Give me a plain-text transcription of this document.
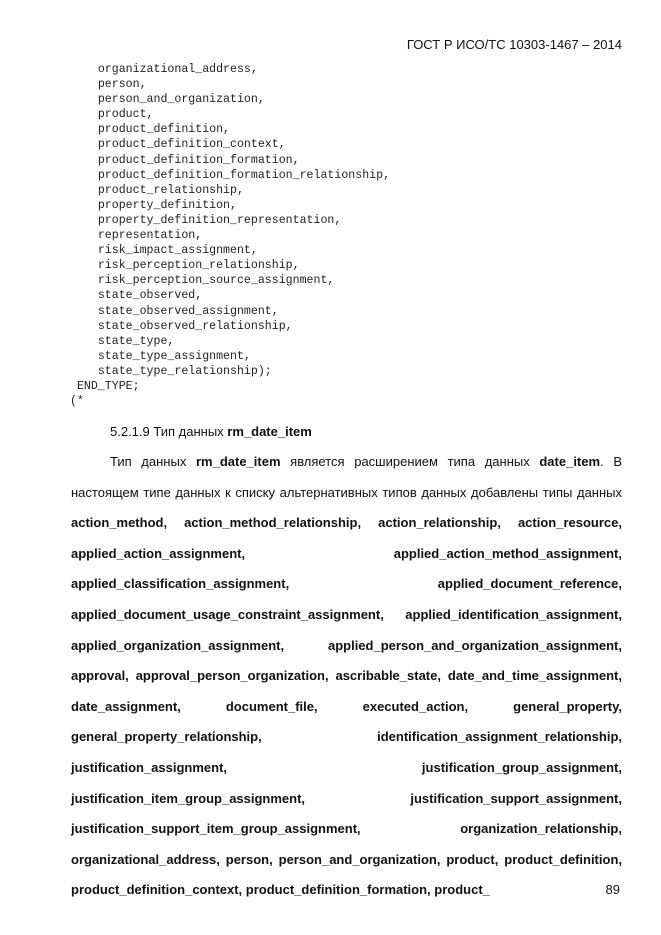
ГОСТ Р ИСО/ТС 10303-1467 – 2014
organizational_address,
person,
person_and_organization,
product,
product_definition,
product_definition_context,
product_definition_formation,
product_definition_formation_relationship,
product_relationship,
property_definition,
property_definition_representation,
representation,
risk_impact_assignment,
risk_perception_relationship,
risk_perception_source_assignment,
state_observed,
state_observed_assignment,
state_observed_relationship,
state_type,
state_type_assignment,
state_type_relationship);
END_TYPE;
(*
5.2.1.9 Тип данных rm_date_item

Тип данных rm_date_item является расширением типа данных date_item. В настоящем типе данных к списку альтернативных типов данных добавлены типы данных action_method, action_method_relationship, action_relationship, action_resource, applied_action_assignment, applied_action_method_assignment, applied_classification_assignment, applied_document_reference, applied_document_usage_constraint_assignment, applied_identification_assignment, applied_organization_assignment, applied_person_and_organization_assignment, approval, approval_person_organization, ascribable_state, date_and_time_assignment, date_assignment, document_file, executed_action, general_property, general_property_relationship, identification_assignment_relationship, justification_assignment, justification_group_assignment, justification_item_group_assignment, justification_support_assignment, justification_support_item_group_assignment, organization_relationship, organizational_address, person, person_and_organization, product, product_definition, product_definition_context, product_definition_formation, product_	89
